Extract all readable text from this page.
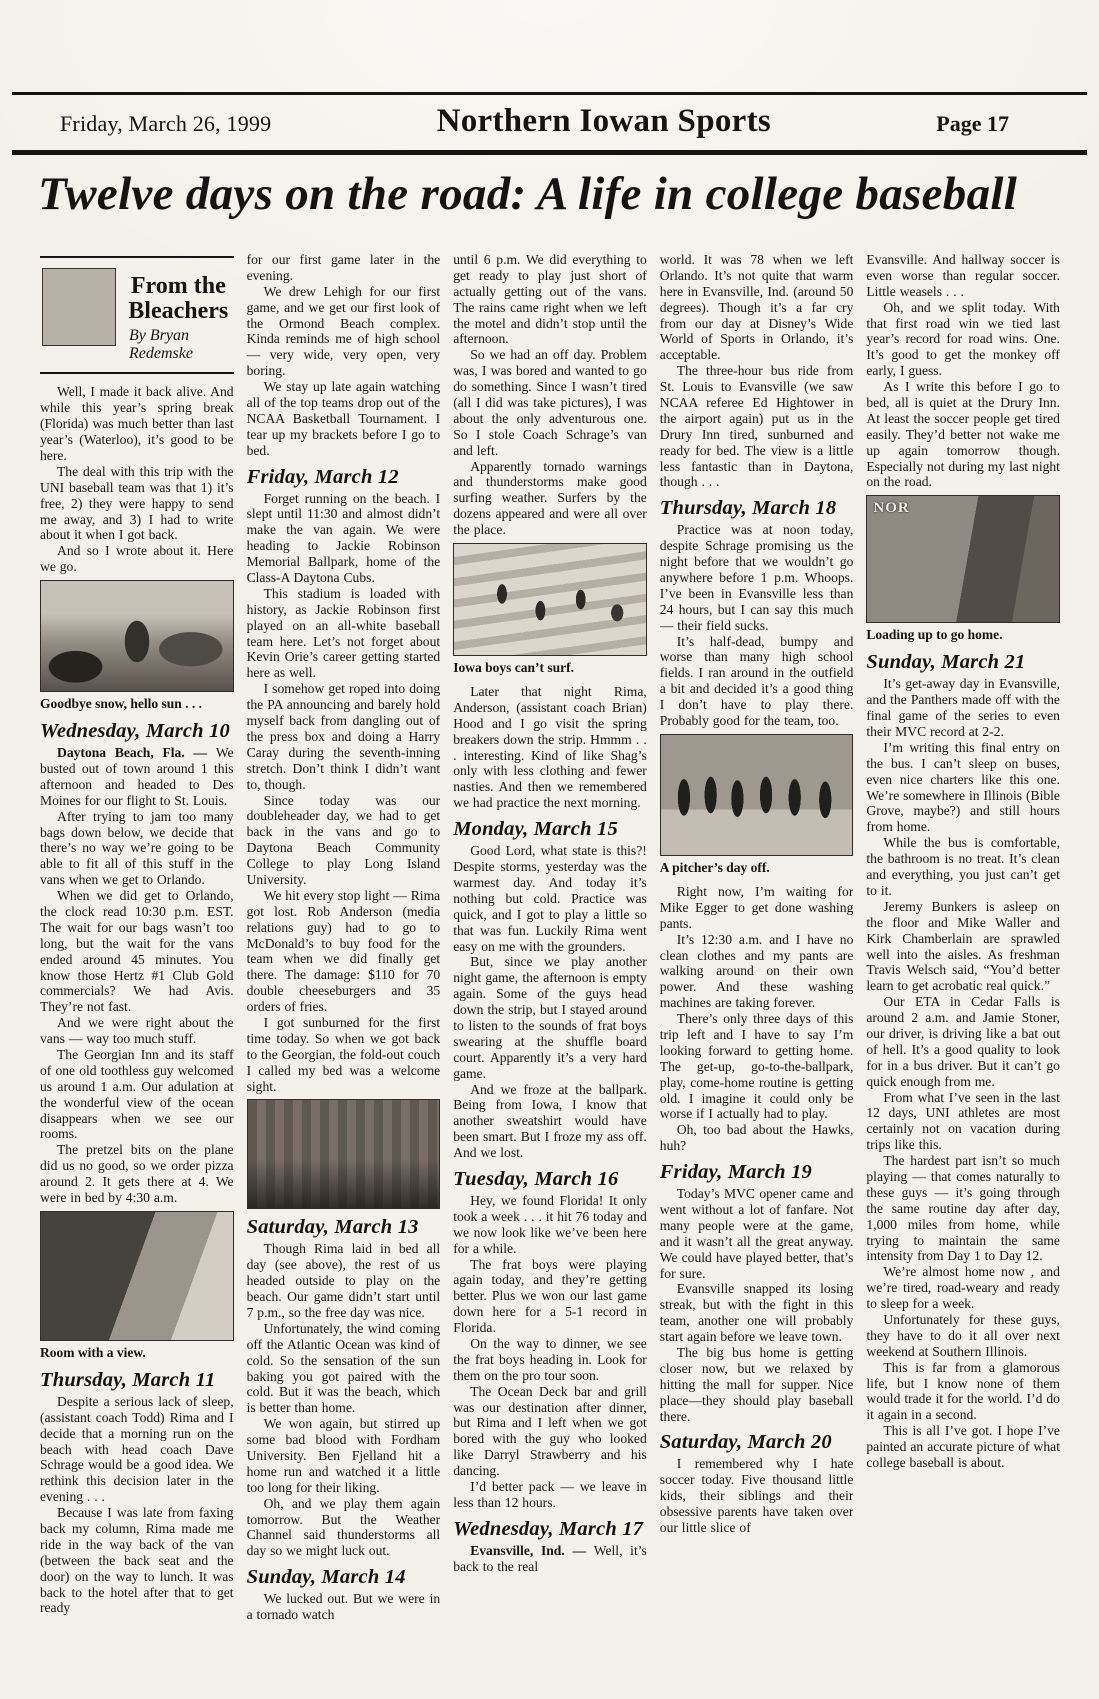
Friday, March 26, 1999	Northern Iowan Sports	Page 17
Twelve days on the road: A life in college baseball
From the Bleachers
By Bryan Redemske

Well, I made it back alive. And while this year’s spring break (Florida) was much better than last year’s (Waterloo), it’s good to be here.

The deal with this trip with the UNI baseball team was that 1) it’s free, 2) they were happy to send me away, and 3) I had to write about it when I got back.

And so I wrote about it. Here we go.

Goodbye snow, hello sun . . .
Wednesday, March 10

Daytona Beach, Fla. — We busted out of town around 1 this afternoon and headed to Des Moines for our flight to St. Louis.

After trying to jam too many bags down below, we decide that there’s no way we’re going to be able to fit all of this stuff in the vans when we get to Orlando.

When we did get to Orlando, the clock read 10:30 p.m. EST. The wait for our bags wasn’t too long, but the wait for the vans ended around 45 minutes. You know those Hertz #1 Club Gold commercials? We had Avis. They’re not fast.

And we were right about the vans — way too much stuff.

The Georgian Inn and its staff of one old toothless guy welcomed us around 1 a.m. Our adulation at the wonderful view of the ocean disappears when we see our rooms.

The pretzel bits on the plane did us no good, so we order pizza around 2. It gets there at 4. We were in bed by 4:30 a.m.

Room with a view.
Thursday, March 11

Despite a serious lack of sleep, (assistant coach Todd) Rima and I decide that a morning run on the beach with head coach Dave Schrage would be a good idea. We rethink this decision later in the evening . . .

Because I was late from faxing back my column, Rima made me ride in the way back of the van (between the back seat and the door) on the way to lunch. It was back to the hotel after that to get ready

for our first game later in the evening.

We drew Lehigh for our first game, and we get our first look of the Ormond Beach complex. Kinda reminds me of high school — very wide, very open, very boring.

We stay up late again watching all of the top teams drop out of the NCAA Basketball Tournament. I tear up my brackets before I go to bed.

Friday, March 12

Forget running on the beach. I slept until 11:30 and almost didn’t make the van again. We were heading to Jackie Robinson Memorial Ballpark, home of the Class-A Daytona Cubs.

This stadium is loaded with history, as Jackie Robinson first played on an all-white baseball team here. Let’s not forget about Kevin Orie’s career getting started here as well.

I somehow get roped into doing the PA announcing and barely hold myself back from dangling out of the press box and doing a Harry Caray during the seventh-inning stretch. Don’t think I didn’t want to, though.

Since today was our doubleheader day, we had to get back in the vans and go to Daytona Beach Community College to play Long Island University.

We hit every stop light — Rima got lost. Rob Anderson (media relations guy) had to go to McDonald’s to buy food for the team when we did finally get there. The damage: $110 for 70 double cheeseburgers and 35 orders of fries.

I got sunburned for the first time today. So when we got back to the Georgian, the fold-out couch I called my bed was a welcome sight.

Saturday, March 13

Though Rima laid in bed all day (see above), the rest of us headed outside to play on the beach. Our game didn’t start until 7 p.m., so the free day was nice.

Unfortunately, the wind coming off the Atlantic Ocean was kind of cold. So the sensation of the sun baking you got paired with the cold. But it was the beach, which is better than home.

We won again, but stirred up some bad blood with Fordham University. Ben Fjelland hit a home run and watched it a little too long for their liking.

Oh, and we play them again tomorrow. But the Weather Channel said thunderstorms all day so we might luck out.

Sunday, March 14

We lucked out. But we were in a tornado watch

until 6 p.m. We did everything to get ready to play just short of actually getting out of the vans. The rains came right when we left the motel and didn’t stop until the afternoon.

So we had an off day. Problem was, I was bored and wanted to go do something. Since I wasn’t tired (all I did was take pictures), I was about the only adventurous one. So I stole Coach Schrage’s van and left.

Apparently tornado warnings and thunderstorms make good surfing weather. Surfers by the dozens appeared and were all over the place.

Iowa boys can’t surf.

Later that night Rima, Anderson, (assistant coach Brian) Hood and I go visit the spring breakers down the strip. Hmmm . . . interesting. Kind of like Shag’s only with less clothing and fewer nasties. And then we remembered we had practice the next morning.

Monday, March 15

Good Lord, what state is this?! Despite storms, yesterday was the warmest day. And today it’s nothing but cold. Practice was quick, and I got to play a little so that was fun. Luckily Rima went easy on me with the grounders.

But, since we play another night game, the afternoon is empty again. Some of the guys head down the strip, but I stayed around to listen to the sounds of frat boys swearing at the shuffle board court. Apparently it’s a very hard game.

And we froze at the ballpark. Being from Iowa, I know that another sweatshirt would have been smart. But I froze my ass off. And we lost.

Tuesday, March 16

Hey, we found Florida! It only took a week . . . it hit 76 today and we now look like we’ve been here for a while.

The frat boys were playing again today, and they’re getting better. Plus we won our last game down here for a 5-1 record in Florida.

On the way to dinner, we see the frat boys heading in. Look for them on the pro tour soon.

The Ocean Deck bar and grill was our destination after dinner, but Rima and I left when we got bored with the guy who looked like Darryl Strawberry and his dancing.

I’d better pack — we leave in less than 12 hours.

Wednesday, March 17

Evansville, Ind. — Well, it’s back to the real

world. It was 78 when we left Orlando. It’s not quite that warm here in Evansville, Ind. (around 50 degrees). Though it’s a far cry from our day at Disney’s Wide World of Sports in Orlando, it’s acceptable.

The three-hour bus ride from St. Louis to Evansville (we saw NCAA referee Ed Hightower in the airport again) put us in the Drury Inn tired, sunburned and ready for bed. The view is a little less fantastic than in Daytona, though . . .

Thursday, March 18

Practice was at noon today, despite Schrage promising us the night before that we wouldn’t go anywhere before 1 p.m. Whoops. I’ve been in Evansville less than 24 hours, but I can say this much — their field sucks.

It’s half-dead, bumpy and worse than many high school fields. I ran around in the outfield a bit and decided it’s a good thing I don’t have to play there. Probably good for the team, too.

A pitcher’s day off.

Right now, I’m waiting for Mike Egger to get done washing pants.

It’s 12:30 a.m. and I have no clean clothes and my pants are walking around on their own power. And these washing machines are taking forever.

There’s only three days of this trip left and I have to say I’m looking forward to getting home. The get-up, go-to-the-ballpark, play, come-home routine is getting old. I imagine it could only be worse if I actually had to play.

Oh, too bad about the Hawks, huh?

Friday, March 19

Today’s MVC opener came and went without a lot of fanfare. Not many people were at the game, and it wasn’t all the great anyway. We could have played better, that’s for sure.

Evansville snapped its losing streak, but with the fight in this team, another one will probably start again before we leave town.

The big bus home is getting closer now, but we relaxed by hitting the mall for supper. Nice place—they should play baseball there.

Saturday, March 20

I remembered why I hate soccer today. Five thousand little kids, their siblings and their obsessive parents have taken over our little slice of

Evansville. And hallway soccer is even worse than regular soccer. Little weasels . . .

Oh, and we split today. With that first road win we tied last year’s record for road wins. One. It’s good to get the monkey off early, I guess.

As I write this before I go to bed, all is quiet at the Drury Inn. At least the soccer people get tired easily. They’d better not wake me up again tomorrow though. Especially not during my last night on the road.

NOR
Loading up to go home.
Sunday, March 21

It’s get-away day in Evansville, and the Panthers made off with the final game of the series to even their MVC record at 2-2.

I’m writing this final entry on the bus. I can’t sleep on buses, even nice charters like this one. We’re somewhere in Illinois (Bible Grove, maybe?) and still hours from home.

While the bus is comfortable, the bathroom is no treat. It’s clean and everything, you just can’t get to it.

Jeremy Bunkers is asleep on the floor and Mike Waller and Kirk Chamberlain are sprawled well into the aisles. As freshman Travis Welsch said, “You’d better learn to get acrobatic real quick.”

Our ETA in Cedar Falls is around 2 a.m. and Jamie Stoner, our driver, is driving like a bat out of hell. It’s a good quality to look for in a bus driver. But it can’t go quick enough from me.

From what I’ve seen in the last 12 days, UNI athletes are most certainly not on vacation during trips like this.

The hardest part isn’t so much playing — that comes naturally to these guys — it’s going through the same routine day after day, 1,000 miles from home, while trying to maintain the same intensity from Day 1 to Day 12.

We’re almost home now , and we’re tired, road-weary and ready to sleep for a week.

Unfortunately for these guys, they have to do it all over next weekend at Southern Illinois.

This is far from a glamorous life, but I know none of them would trade it for the world. I’d do it again in a second.

This is all I’ve got. I hope I’ve painted an accurate picture of what college baseball is about.
